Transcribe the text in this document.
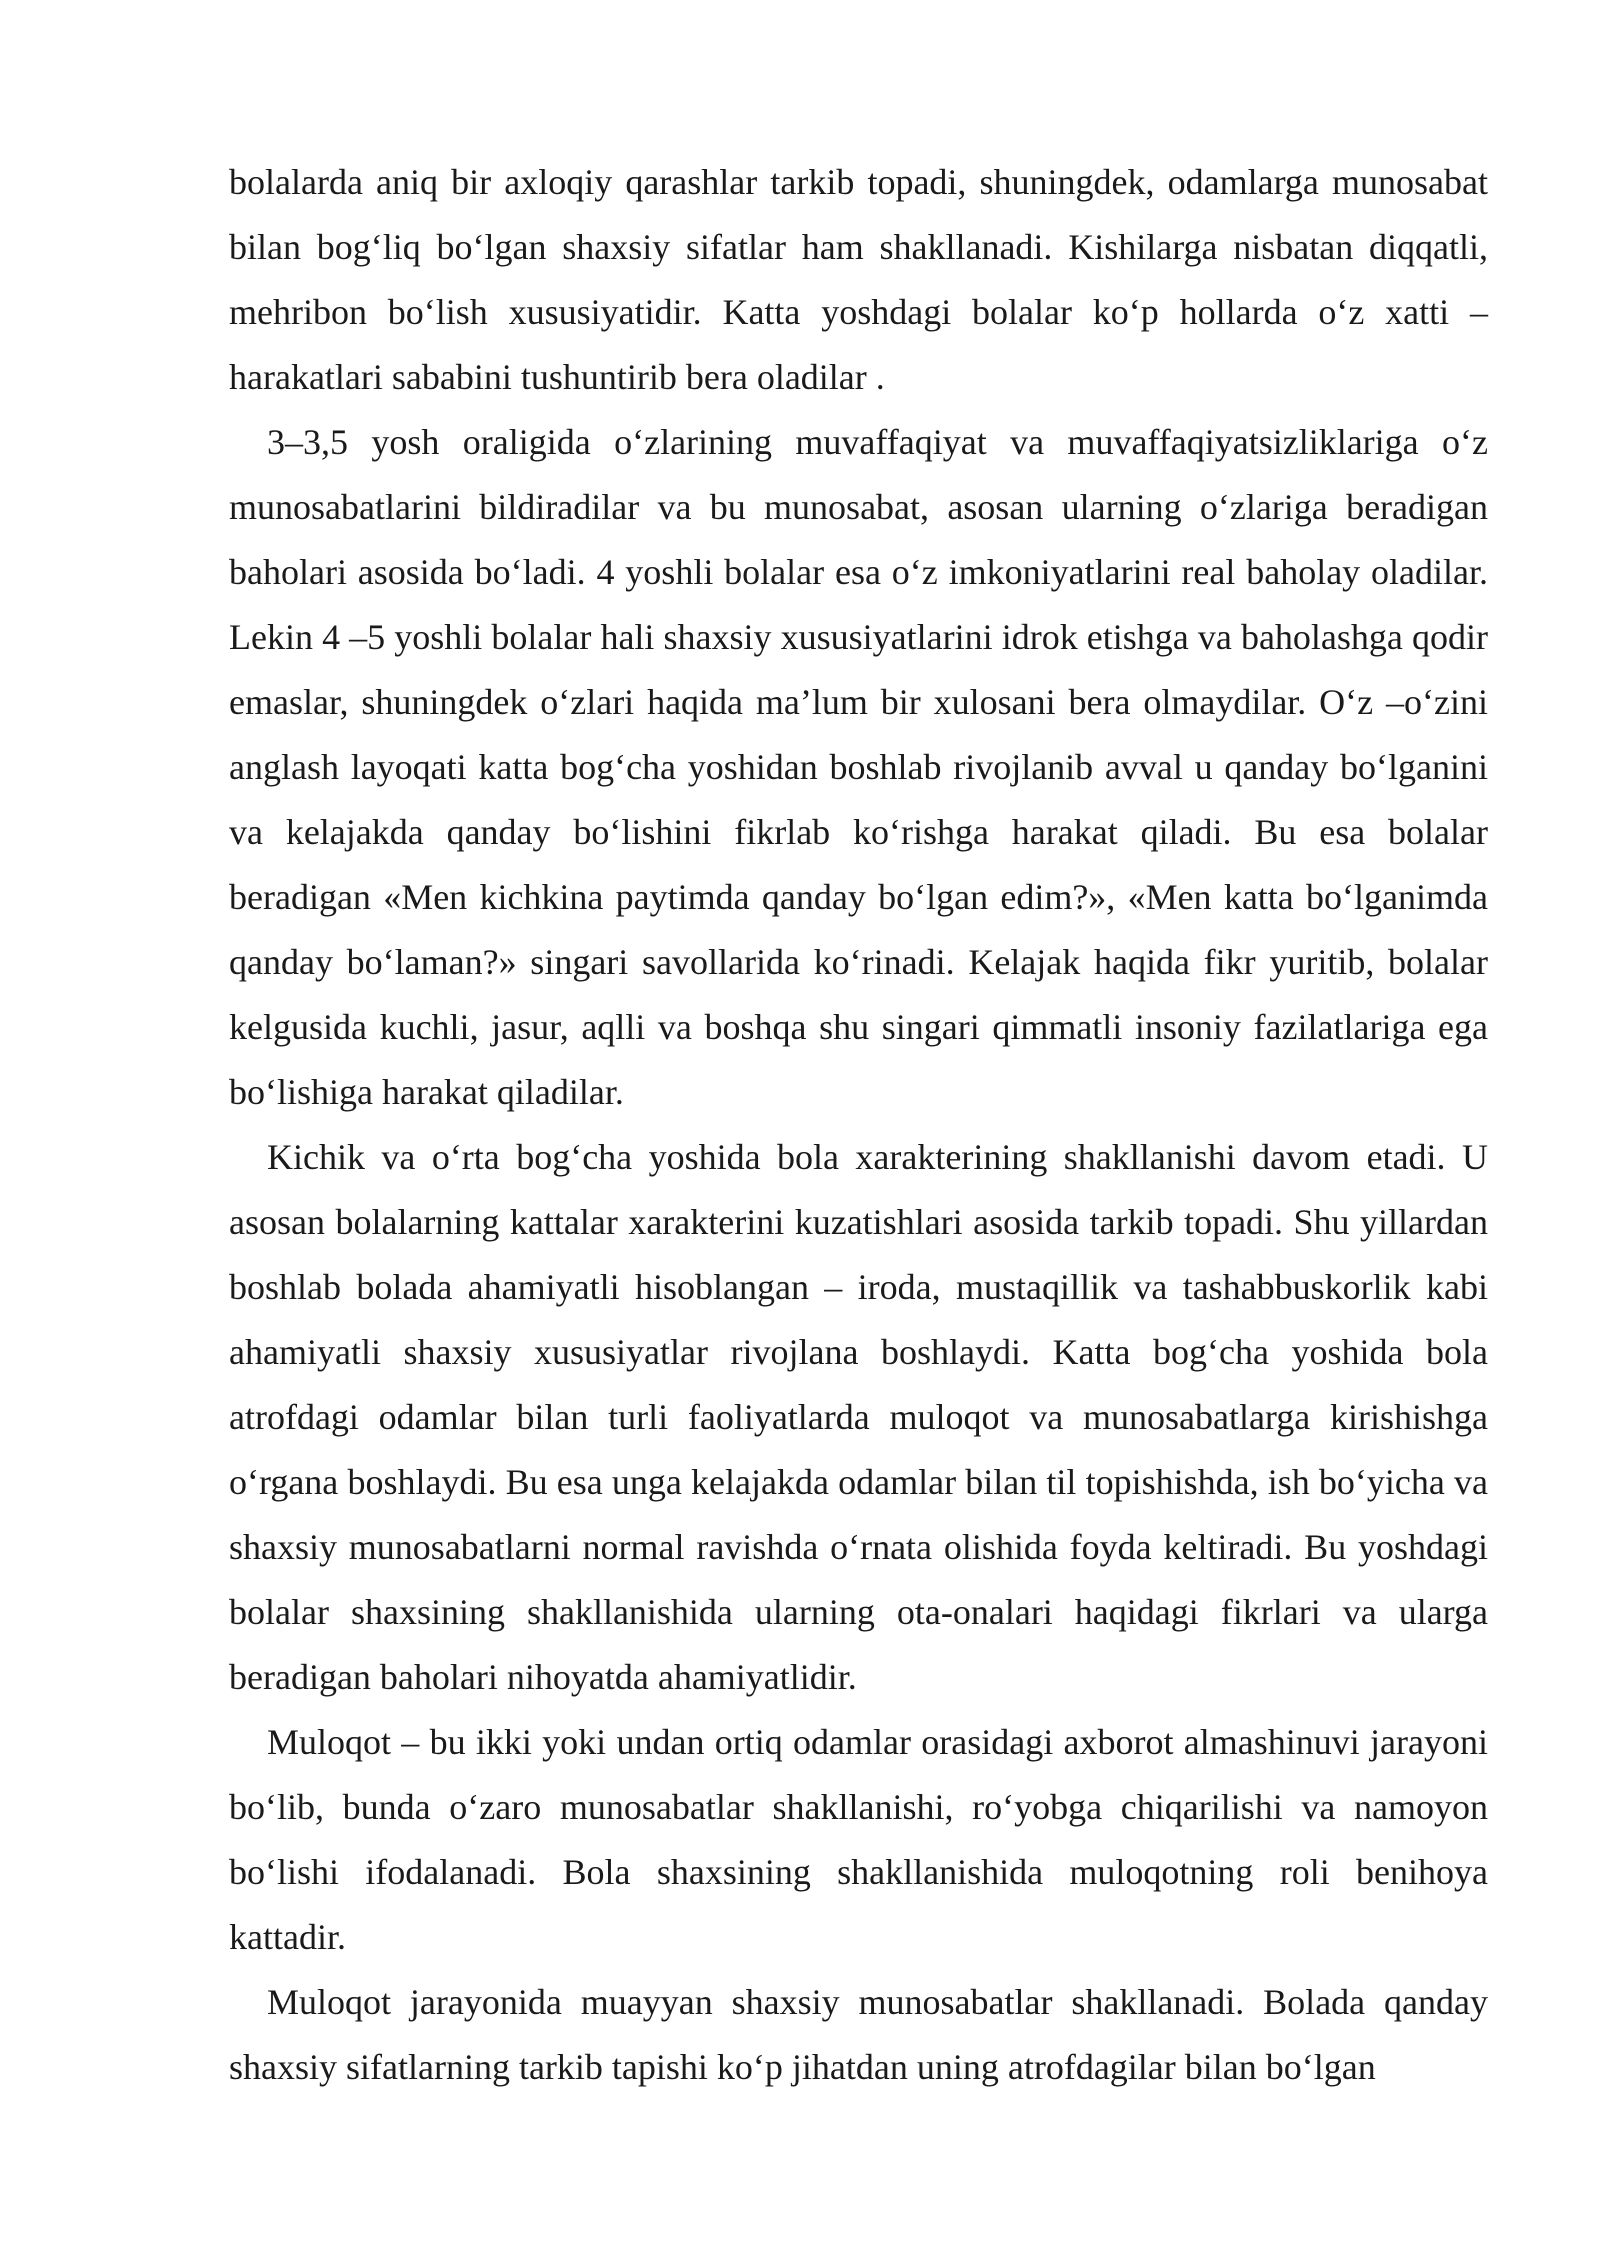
bolalarda aniq bir axloqiy qarashlar tarkib topadi, shuningdek, odamlarga munosabat bilan bog‘liq bo‘lgan shaxsiy sifatlar ham shakllanadi. Kishilarga nisbatan diqqatli, mehribon bo‘lish xususiyatidir. Katta yoshdagi bolalar ko‘p hollarda o‘z xatti – harakatlari sababini tushuntirib bera oladilar .

3–3,5 yosh oraligida o‘zlarining muvaffaqiyat va muvaffaqiyatsizliklariga o‘z munosabatlarini bildiradilar va bu munosabat, asosan ularning o‘zlariga beradigan baholari asosida bo‘ladi. 4 yoshli bolalar esa o‘z imkoniyatlarini real baholay oladilar. Lekin 4 –5 yoshli bolalar hali shaxsiy xususiyatlarini idrok etishga va baholashga qodir emaslar, shuningdek o‘zlari haqida ma’lum bir xulosani bera olmaydilar. O‘z –o‘zini anglash layoqati katta bog‘cha yoshidan boshlab rivojlanib avval u qanday bo‘lganini va kelajakda qanday bo‘lishini fikrlab ko‘rishga harakat qiladi. Bu esa bolalar beradigan «Men kichkina paytimda qanday bo‘lgan edim?», «Men katta bo‘lganimda qanday bo‘laman?» singari savollarida ko‘rinadi. Kelajak haqida fikr yuritib, bolalar kelgusida kuchli, jasur, aqlli va boshqa shu singari qimmatli insoniy fazilatlariga ega bo‘lishiga harakat qiladilar.

Kichik va o‘rta bog‘cha yoshida bola xarakterining shakllanishi davom etadi. U asosan bolalarning kattalar xarakterini kuzatishlari asosida tarkib topadi. Shu yillardan boshlab bolada ahamiyatli hisoblangan – iroda, mustaqillik va tashabbuskorlik kabi ahamiyatli shaxsiy xususiyatlar rivojlana boshlaydi. Katta bog‘cha yoshida bola atrofdagi odamlar bilan turli faoliyatlarda muloqot va munosabatlarga kirishishga o‘rgana boshlaydi. Bu esa unga kelajakda odamlar bilan til topishishda, ish bo‘yicha va shaxsiy munosabatlarni normal ravishda o‘rnata olishida foyda keltiradi. Bu yoshdagi bolalar shaxsining shakllanishida ularning ota-onalari haqidagi fikrlari va ularga beradigan baholari nihoyatda ahamiyatlidir.

Muloqot – bu ikki yoki undan ortiq odamlar orasidagi axborot almashinuvi jarayoni bo‘lib, bunda o‘zaro munosabatlar shakllanishi, ro‘yobga chiqarilishi va namoyon bo‘lishi ifodalanadi. Bola shaxsining shakllanishida muloqotning roli benihoya kattadir.

Muloqot jarayonida muayyan shaxsiy munosabatlar shakllanadi. Bolada qanday shaxsiy sifatlarning tarkib tapishi ko‘p jihatdan uning atrofdagilar bilan bo‘lgan
